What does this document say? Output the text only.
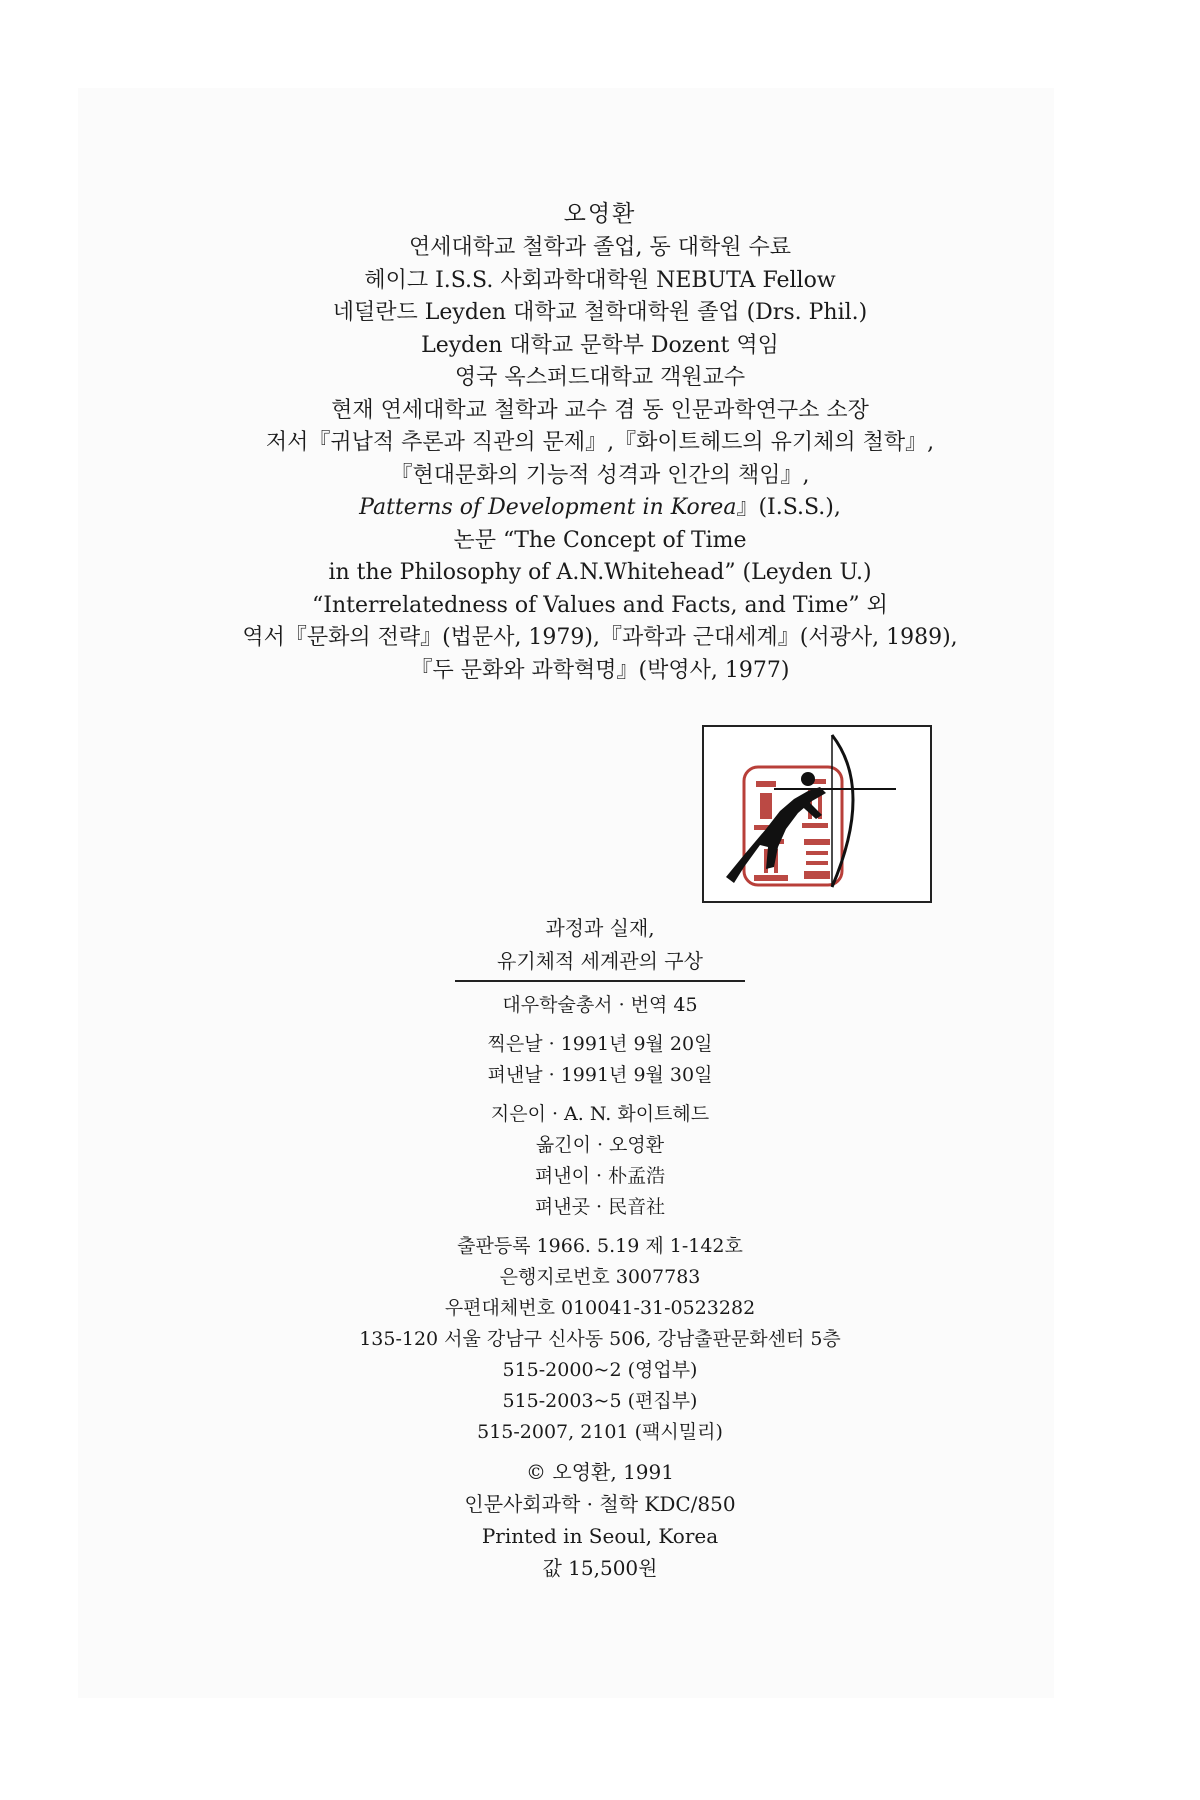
오영환
연세대학교 철학과 졸업, 동 대학원 수료
헤이그 I.S.S. 사회과학대학원 NEBUTA Fellow
네덜란드 Leyden 대학교 철학대학원 졸업 (Drs. Phil.)
Leyden 대학교 문학부 Dozent 역임
영국 옥스퍼드대학교 객원교수
현재 연세대학교 철학과 교수 겸 동 인문과학연구소 소장
저서『귀납적 추론과 직관의 문제』,『화이트헤드의 유기체의 철학』,
『현대문화의 기능적 성격과 인간의 책임』,
Patterns of Development in Korea』(I.S.S.),
논문 “The Concept of Time
in the Philosophy of A.N.Whitehead” (Leyden U.)
“Interrelatedness of Values and Facts, and Time” 외
역서『문화의 전략』(법문사, 1979),『과학과 근대세계』(서광사, 1989),
『두 문화와 과학혁명』(박영사, 1977)
과정과 실재,
유기체적 세계관의 구상
대우학술총서 · 번역 45
찍은날 · 1991년 9월 20일
펴낸날 · 1991년 9월 30일
지은이 · A. N. 화이트헤드
옮긴이 · 오영환
펴낸이 · 朴孟浩
펴낸곳 · 民音社
출판등록 1966. 5.19 제 1-142호
은행지로번호 3007783
우편대체번호 010041-31-0523282
135-120 서울 강남구 신사동 506, 강남출판문화센터 5층
515-2000~2 (영업부)
515-2003~5 (편집부)
515-2007, 2101 (팩시밀리)
© 오영환, 1991
인문사회과학 · 철학 KDC/850
Printed in Seoul, Korea
값 15,500원
